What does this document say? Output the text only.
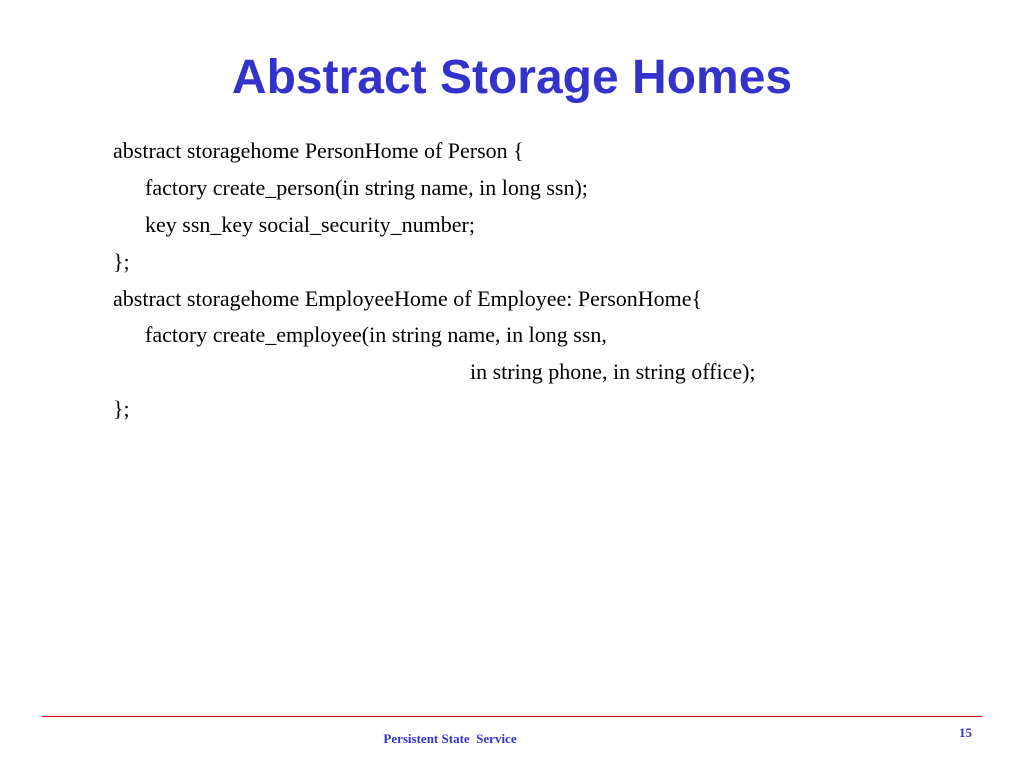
Abstract Storage Homes
abstract storagehome PersonHome of Person {
factory create_person(in string name, in long ssn);
key ssn_key social_security_number;
};
abstract storagehome EmployeeHome of Employee: PersonHome{
factory create_employee(in string name, in long ssn,
in string phone, in string office);
};
Persistent State  Service	15
